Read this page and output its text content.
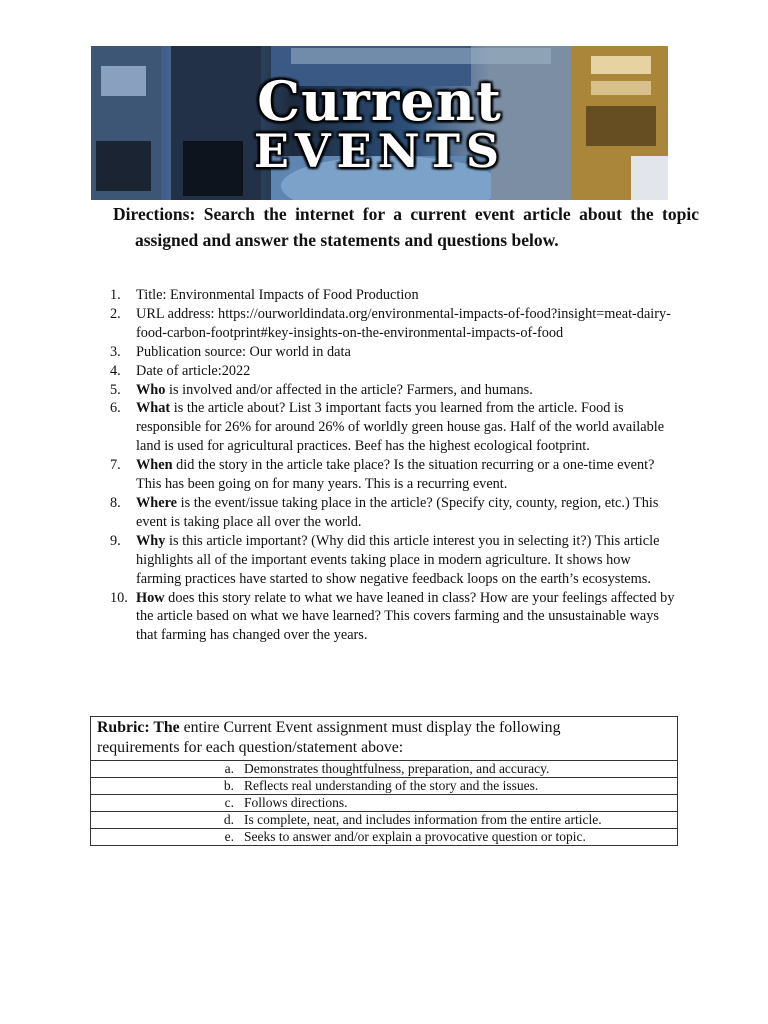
Current
EVENTS
Directions: Search the internet for a current event article about the topic assigned and answer the statements and questions below.
1. Title: Environmental Impacts of Food Production
2. URL address: https://ourworldindata.org/environmental-impacts-of-food?insight=meat-dairy-food-carbon-footprint#key-insights-on-the-environmental-impacts-of-food
3. Publication source: Our world in data
4. Date of article:2022
5. Who is involved and/or affected in the article? Farmers, and humans.
6. What is the article about? List 3 important facts you learned from the article. Food is responsible for 26% for around 26% of worldly green house gas. Half of the world available land is used for agricultural practices. Beef has the highest ecological footprint.
7. When did the story in the article take place? Is the situation recurring or a one-time event? This has been going on for many years. This is a recurring event.
8. Where is the event/issue taking place in the article? (Specify city, county, region, etc.) This event is taking place all over the world.
9. Why is this article important? (Why did this article interest you in selecting it?) This article highlights all of the important events taking place in modern agriculture. It shows how farming practices have started to show negative feedback loops on the earth’s ecosystems.
10. How does this story relate to what we have leaned in class? How are your feelings affected by the article based on what we have learned? This covers farming and the unsustainable ways that farming has changed over the years.
Rubric: The entire Current Event assignment must display the following
requirements for each question/statement above:
a. Demonstrates thoughtfulness, preparation, and accuracy.
b. Reflects real understanding of the story and the issues.
c. Follows directions.
d. Is complete, neat, and includes information from the entire article.
e. Seeks to answer and/or explain a provocative question or topic.
